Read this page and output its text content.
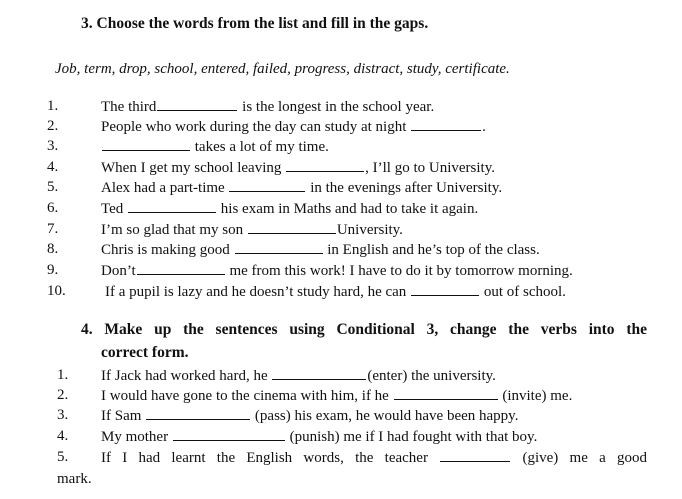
3. Choose the words from the list and fill in the gaps.
Job, term, drop, school, entered, failed, progress, distract, study, certificate.
1.	The third	is the longest in the school year.
2.	People who work during the day can study at night	.
3.	takes a lot of my time.
4.	When I get my school leaving	, I’ll go to University.
5.	Alex had a part-time	in the evenings after University.
6.	Ted	his exam in Maths and had to take it again.
7.	I’m so glad that my son	University.
8.	Chris is making good	in English and he’s top of the class.
9.	Don’t	me from this work! I have to do it by tomorrow morning.
10.	If a pupil is lazy and he doesn’t study hard, he can	out of school.
4. Make up the sentences using Conditional 3, change the verbs into the
correct form.
1. If Jack had worked hard, he	(enter) the university.
2. I would have gone to the cinema with him, if he	(invite) me.
3. If Sam	(pass) his exam, he would have been happy.
4. My mother	(punish) me if I had fought with that boy.
5. If I had learnt the English words, the teacher	(give) me a good
mark.
